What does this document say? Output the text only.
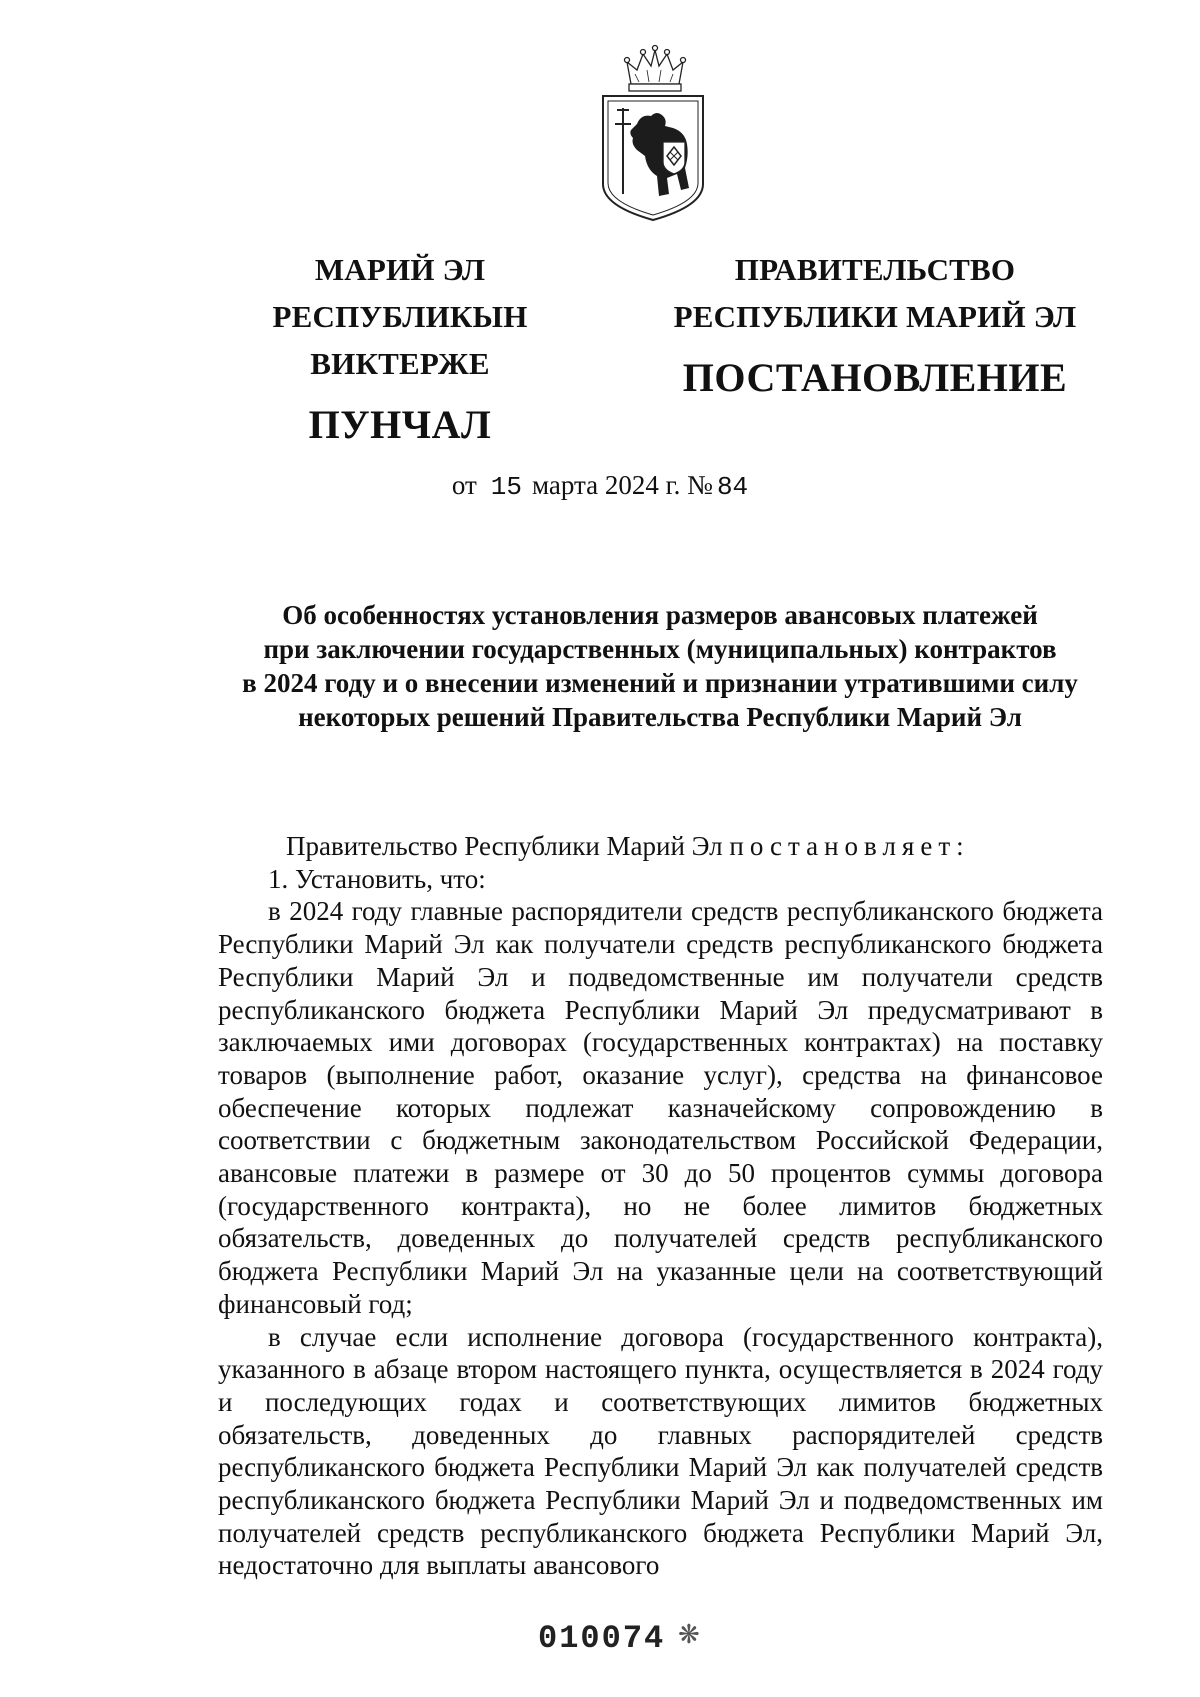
МАРИЙ ЭЛ РЕСПУБЛИКЫН
ВИКТЕРЖЕ
ПУНЧАЛ
ПРАВИТЕЛЬСТВО
РЕСПУБЛИКИ МАРИЙ ЭЛ
ПОСТАНОВЛЕНИЕ
от 15 марта 2024 г. № 84
Об особенностях установления размеров авансовых платежей
при заключении государственных (муниципальных) контрактов
в 2024 году и о внесении изменений и признании утратившими силу
некоторых решений Правительства Республики Марий Эл

Правительство Республики Марий Эл постановляет:

1. Установить, что:

в 2024 году главные распорядители средств республиканского бюджета Республики Марий Эл как получатели средств республиканского бюджета Республики Марий Эл и подведомственные им получатели средств республиканского бюджета Республики Марий Эл предусматривают в заключаемых ими договорах (государственных контрактах) на поставку товаров (выполнение работ, оказание услуг), средства на финансовое обеспечение которых подлежат казначейскому сопровождению в соответствии с бюджетным законодательством Российской Федерации, авансовые платежи в размере от 30 до 50 процентов суммы договора (государственного контракта), но не более лимитов бюджетных обязательств, доведенных до получателей средств республиканского бюджета Республики Марий Эл на указанные цели на соответствующий финансовый год;

в случае если исполнение договора (государственного контракта), указанного в абзаце втором настоящего пункта, осуществляется в 2024 году и последующих годах и соответствующих лимитов бюджетных обязательств, доведенных до главных распорядителей средств республиканского бюджета Республики Марий Эл как получателей средств республиканского бюджета Республики Марий Эл и подведомственных им получателей средств республиканского бюджета Республики Марий Эл, недостаточно для выплаты авансового

010074 ❋
